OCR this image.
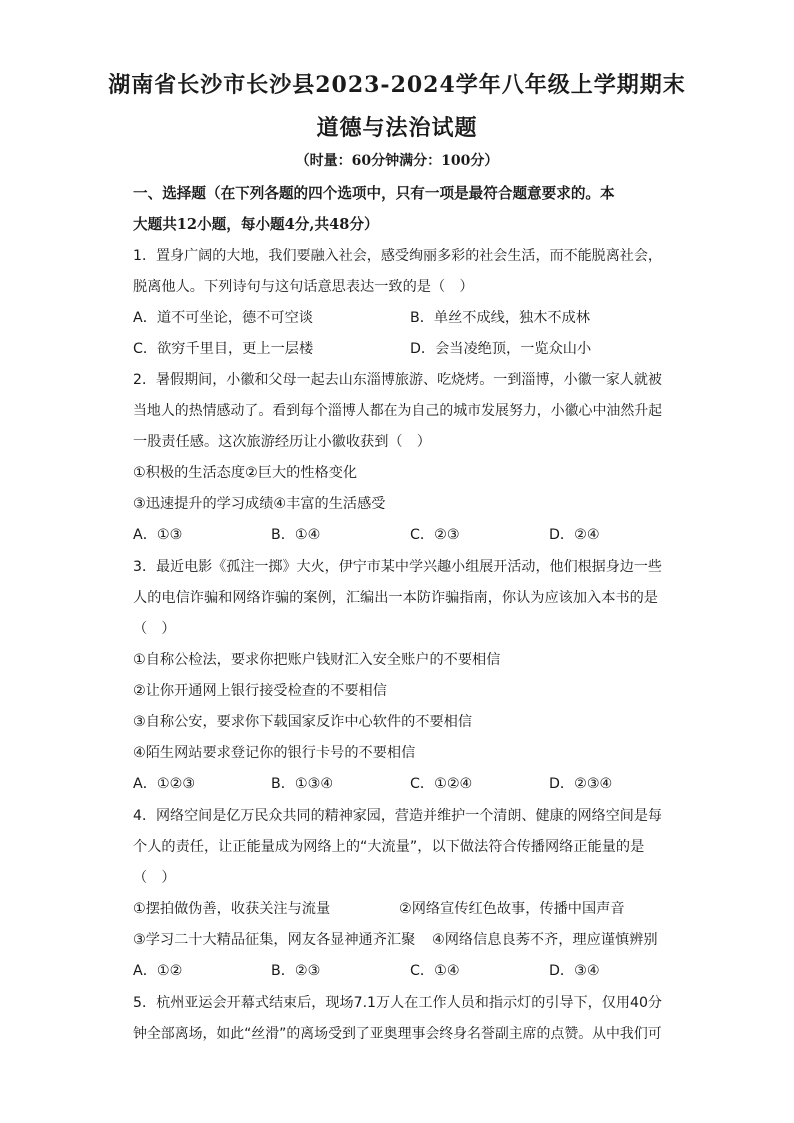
湖南省长沙市长沙县2023-2024学年八年级上学期期末
道德与法治试题
（时量：60分钟满分：100分）
一、选择题（在下列各题的四个选项中，只有一项是最符合题意要求的。本
大题共12小题，每小题4分,共48分）
1．置身广阔的大地，我们要融入社会，感受绚丽多彩的社会生活，而不能脱离社会，
脱离他人。下列诗句与这句话意思表达一致的是（　）
A．道不可坐论，德不可空谈	B．单丝不成线，独木不成林
C．欲穷千里目，更上一层楼	D．会当凌绝顶，一览众山小
2．暑假期间，小徽和父母一起去山东淄博旅游、吃烧烤。一到淄博，小徽一家人就被
当地人的热情感动了。看到每个淄博人都在为自己的城市发展努力，小徽心中油然升起
一股责任感。这次旅游经历让小徽收获到（　）
①积极的生活态度②巨大的性格变化
③迅速提升的学习成绩④丰富的生活感受
A．①③	B．①④	C．②③	D．②④
3．最近电影《孤注一掷》大火，伊宁市某中学兴趣小组展开活动，他们根据身边一些
人的电信诈骗和网络诈骗的案例，汇编出一本防诈骗指南，你认为应该加入本书的是
（　）
①自称公检法，要求你把账户钱财汇入安全账户的不要相信
②让你开通网上银行接受检查的不要相信
③自称公安，要求你下载国家反诈中心软件的不要相信
④陌生网站要求登记你的银行卡号的不要相信
A．①②③	B．①③④	C．①②④	D．②③④
4．网络空间是亿万民众共同的精神家园，营造并维护一个清朗、健康的网络空间是每
个人的责任，让正能量成为网络上的“大流量”，以下做法符合传播网络正能量的是
（　）
①摆拍做伪善，收获关注与流量	②网络宣传红色故事，传播中国声音
③学习二十大精品征集，网友各显神通齐汇聚 ④网络信息良莠不齐，理应谨慎辨别
A．①②	B．②③	C．①④	D．③④
5．杭州亚运会开幕式结束后，现场7.1万人在工作人员和指示灯的引导下，仅用40分
钟全部离场，如此“丝滑”的离场受到了亚奥理事会终身名誉副主席的点赞。从中我们可
